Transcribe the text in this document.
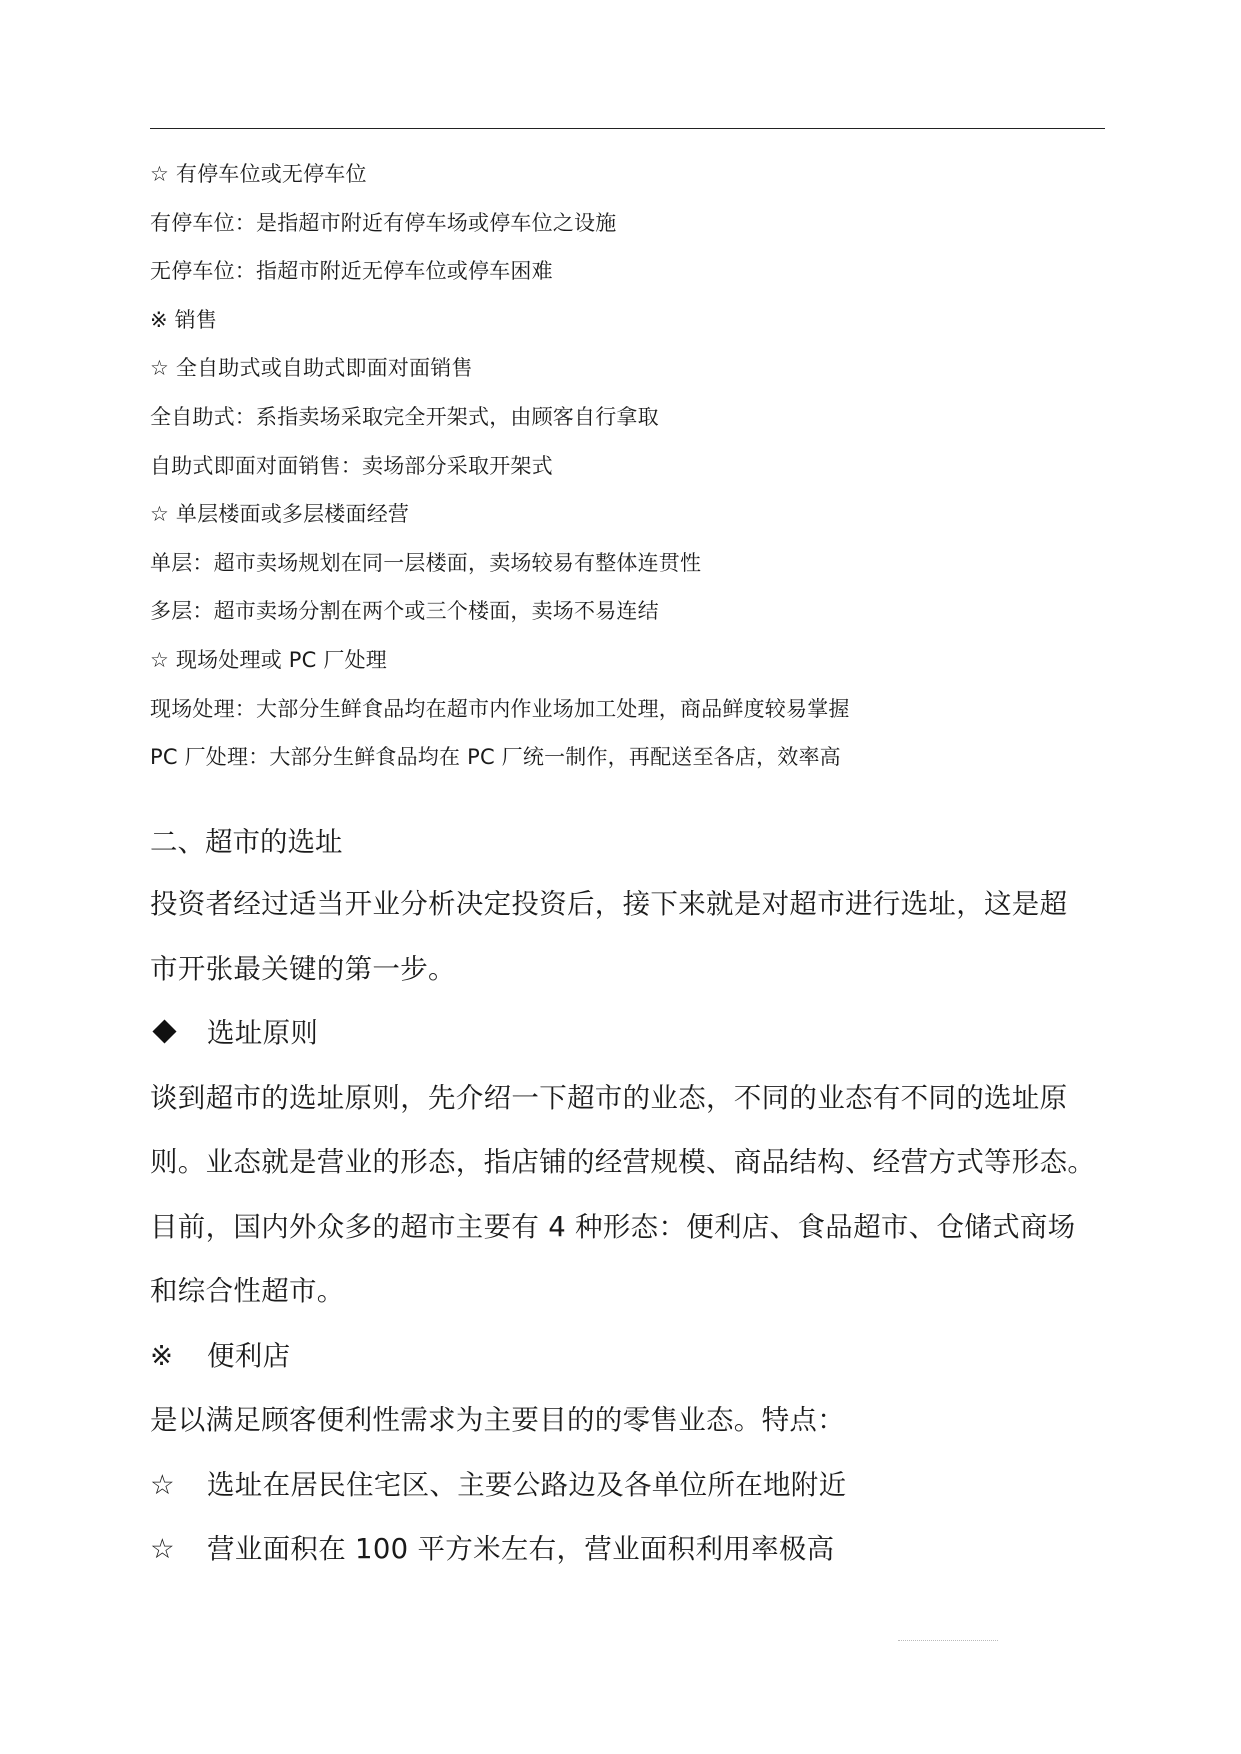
☆ 有停车位或无停车位
有停车位：是指超市附近有停车场或停车位之设施
无停车位：指超市附近无停车位或停车困难
※ 销售
☆ 全自助式或自助式即面对面销售
全自助式：系指卖场采取完全开架式，由顾客自行拿取
自助式即面对面销售：卖场部分采取开架式
☆ 单层楼面或多层楼面经营
单层：超市卖场规划在同一层楼面，卖场较易有整体连贯性
多层：超市卖场分割在两个或三个楼面，卖场不易连结
☆ 现场处理或 PC 厂处理
现场处理：大部分生鲜食品均在超市内作业场加工处理，商品鲜度较易掌握
PC 厂处理：大部分生鲜食品均在 PC 厂统一制作，再配送至各店，效率高
二、超市的选址
投资者经过适当开业分析决定投资后，接下来就是对超市进行选址，这是超
市开张最关键的第一步。
选址原则
谈到超市的选址原则，先介绍一下超市的业态，不同的业态有不同的选址原
则。业态就是营业的形态，指店铺的经营规模、商品结构、经营方式等形态。
目前，国内外众多的超市主要有 4 种形态：便利店、食品超市、仓储式商场
和综合性超市。
※ 便利店
是以满足顾客便利性需求为主要目的的零售业态。特点：
☆ 选址在居民住宅区、主要公路边及各单位所在地附近
☆ 营业面积在 100 平方米左右，营业面积利用率极高
